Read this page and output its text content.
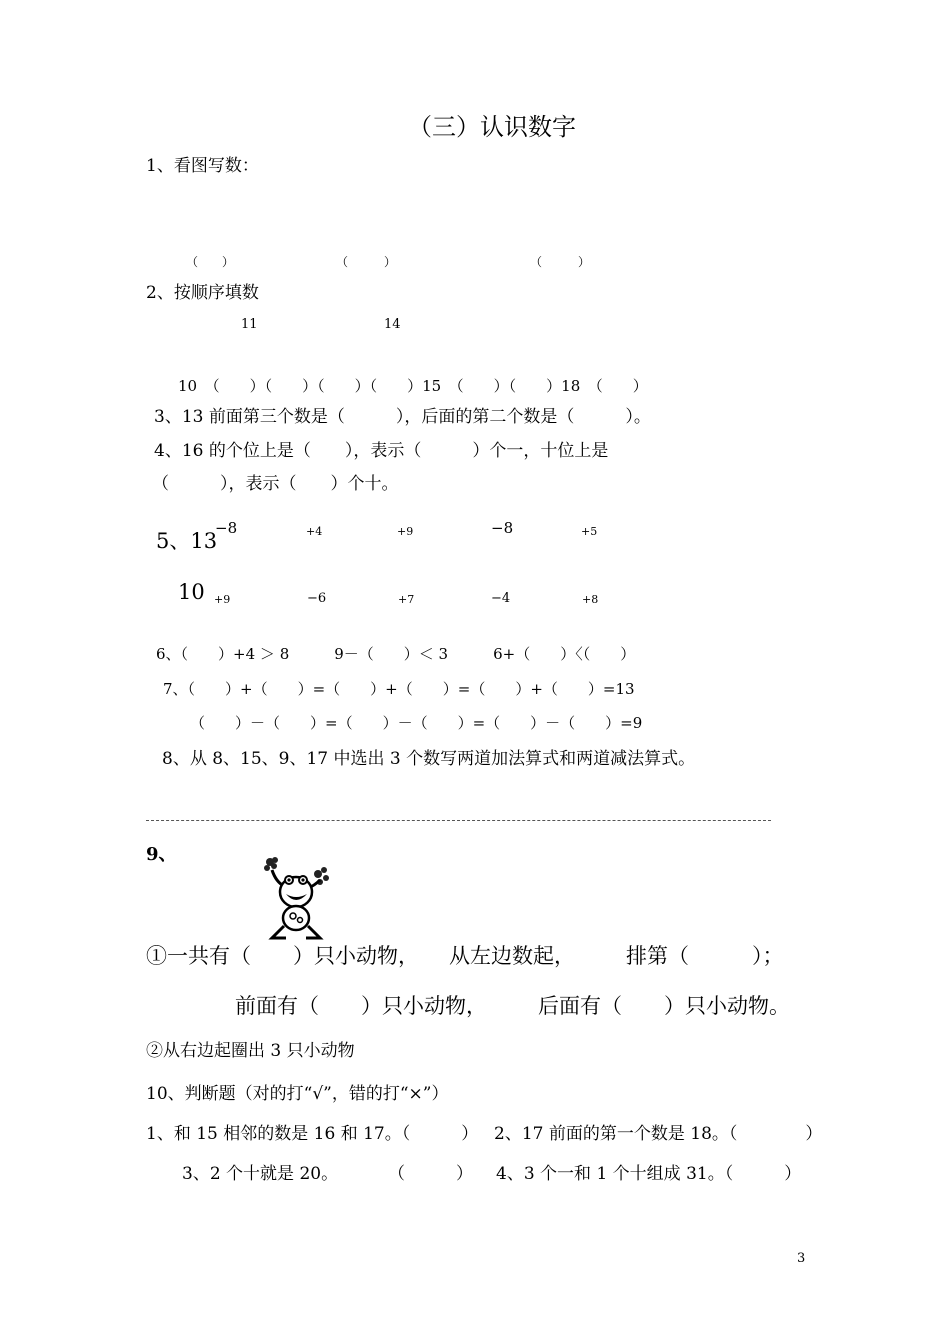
（三）认识数字
1、看图写数：
（　　）	（　　　）	（　　　）
2、按顺序填数
11	14
10　（　　）（　　）（　　）（　　）15　（　　）（　　）18　（　　）
3、13 前面第三个数是（　　　），后面的第二个数是（　　　）。
4、16 的个位上是（　　），表示（　　　）个一，十位上是
（　　　），表示（　　）个十。
5、13
−8	+4	+9	−8	+5
10 +9	−6	+7	−4	+8
6、（　　）+4 ＞ 8　　　9－（　　）＜ 3　　　6+（　　）〈（　　）
7、（　　）+（　　）=（　　）+（　　）=（　　）+（　　）=13
（　　）－（　　）=（　　）－（　　）=（　　）－（　　）=9
8、从 8、15、9、17 中选出 3 个数写两道加法算式和两道减法算式。
9、
①一共有（　　）只小动物， 从左边数起， 排第（　　　）；
前面有（　　）只小动物， 后面有（　　）只小动物。
②从右边起圈出 3 只小动物
10、判断题（对的打“√”，错的打“×”）
1、和 15 相邻的数是 16 和 17。（　　　） 2、17 前面的第一个数是 18。（　　　　）
3、2 个十就是 20。	（　　　） 4、3 个一和 1 个十组成 31。（　　　）
3
